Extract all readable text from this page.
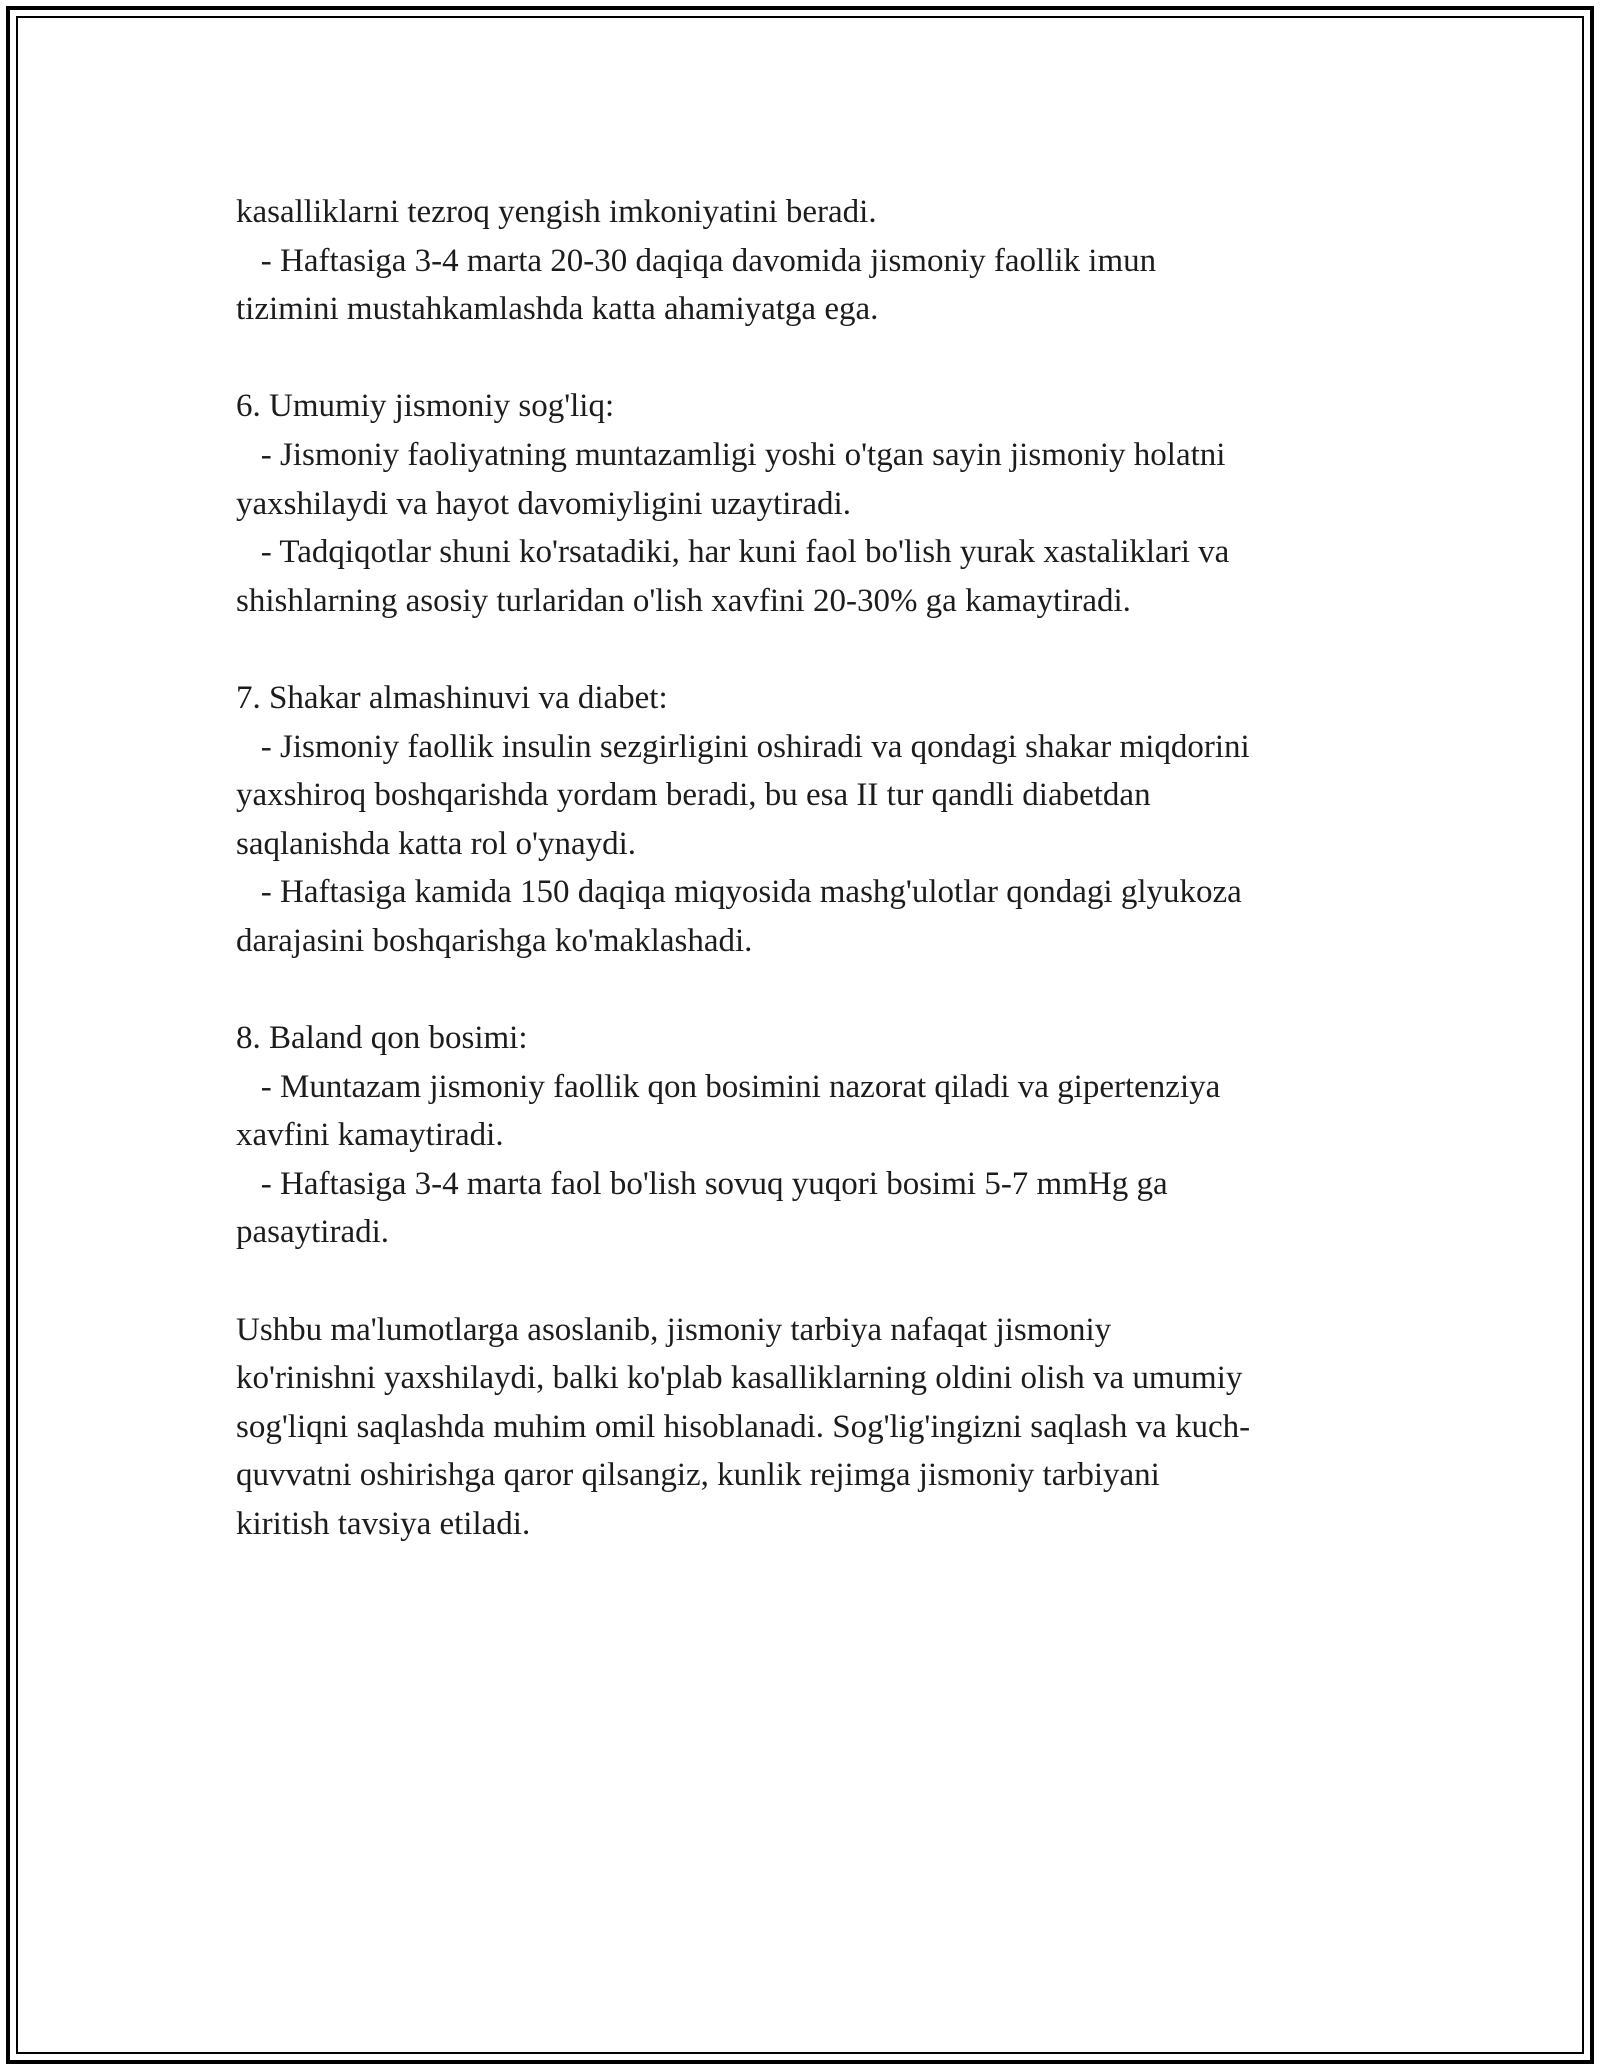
kasalliklarni tezroq yengish imkoniyatini beradi.
- Haftasiga 3-4 marta 20-30 daqiqa davomida jismoniy faollik imun
tizimini mustahkamlashda katta ahamiyatga ega.
6. Umumiy jismoniy sog'liq:
- Jismoniy faoliyatning muntazamligi yoshi o'tgan sayin jismoniy holatni
yaxshilaydi va hayot davomiyligini uzaytiradi.
- Tadqiqotlar shuni ko'rsatadiki, har kuni faol bo'lish yurak xastaliklari va
shishlarning asosiy turlaridan o'lish xavfini 20-30% ga kamaytiradi.
7. Shakar almashinuvi va diabet:
- Jismoniy faollik insulin sezgirligini oshiradi va qondagi shakar miqdorini
yaxshiroq boshqarishda yordam beradi, bu esa II tur qandli diabetdan
saqlanishda katta rol o'ynaydi.
- Haftasiga kamida 150 daqiqa miqyosida mashg'ulotlar qondagi glyukoza
darajasini boshqarishga ko'maklashadi.
8. Baland qon bosimi:
- Muntazam jismoniy faollik qon bosimini nazorat qiladi va gipertenziya
xavfini kamaytiradi.
- Haftasiga 3-4 marta faol bo'lish sovuq yuqori bosimi 5-7 mmHg ga
pasaytiradi.
Ushbu ma'lumotlarga asoslanib, jismoniy tarbiya nafaqat jismoniy
ko'rinishni yaxshilaydi, balki ko'plab kasalliklarning oldini olish va umumiy
sog'liqni saqlashda muhim omil hisoblanadi. Sog'lig'ingizni saqlash va kuch-
quvvatni oshirishga qaror qilsangiz, kunlik rejimga jismoniy tarbiyani
kiritish tavsiya etiladi.
